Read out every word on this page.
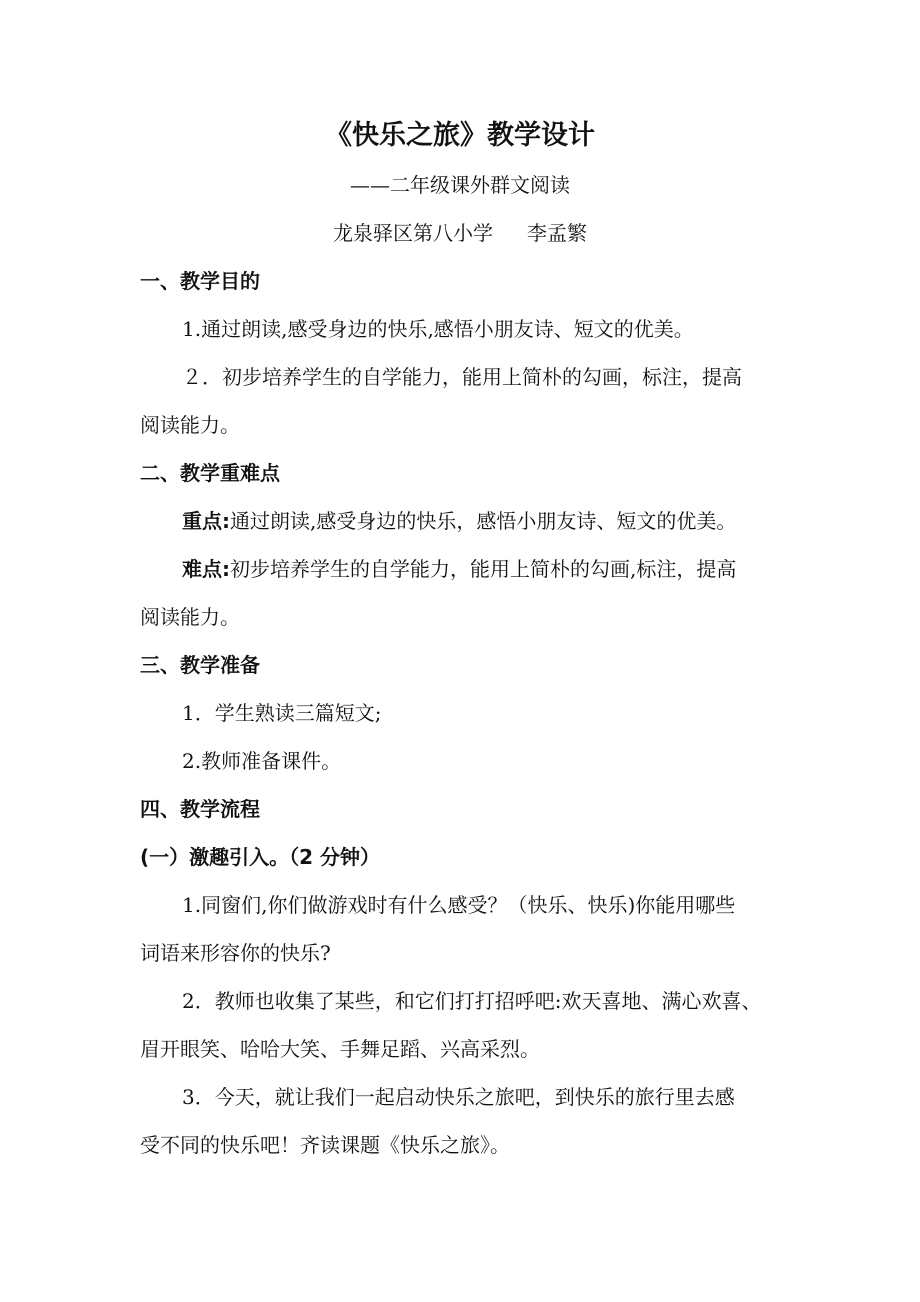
《快乐之旅》教学设计
——二年级课外群文阅读
龙泉驿区第八小学 李孟繁
一、教学目的
1.通过朗读,感受身边的快乐,感悟小朋友诗、短文的优美。
２．初步培养学生的自学能力，能用上简朴的勾画，标注，提高
阅读能力。
二、教学重难点
重点:通过朗读,感受身边的快乐，感悟小朋友诗、短文的优美。
难点:初步培养学生的自学能力，能用上简朴的勾画,标注，提高
阅读能力。
三、教学准备
1．学生熟读三篇短文;
2.教师准备课件。
四、教学流程
(一）激趣引入。（2 分钟）
1.同窗们,你们做游戏时有什么感受？（快乐、快乐)你能用哪些
词语来形容你的快乐?
2．教师也收集了某些，和它们打打招呼吧:欢天喜地、满心欢喜、
眉开眼笑、哈哈大笑、手舞足蹈、兴高采烈。
3．今天，就让我们一起启动快乐之旅吧，到快乐的旅行里去感
受不同的快乐吧！齐读课题《快乐之旅》。
